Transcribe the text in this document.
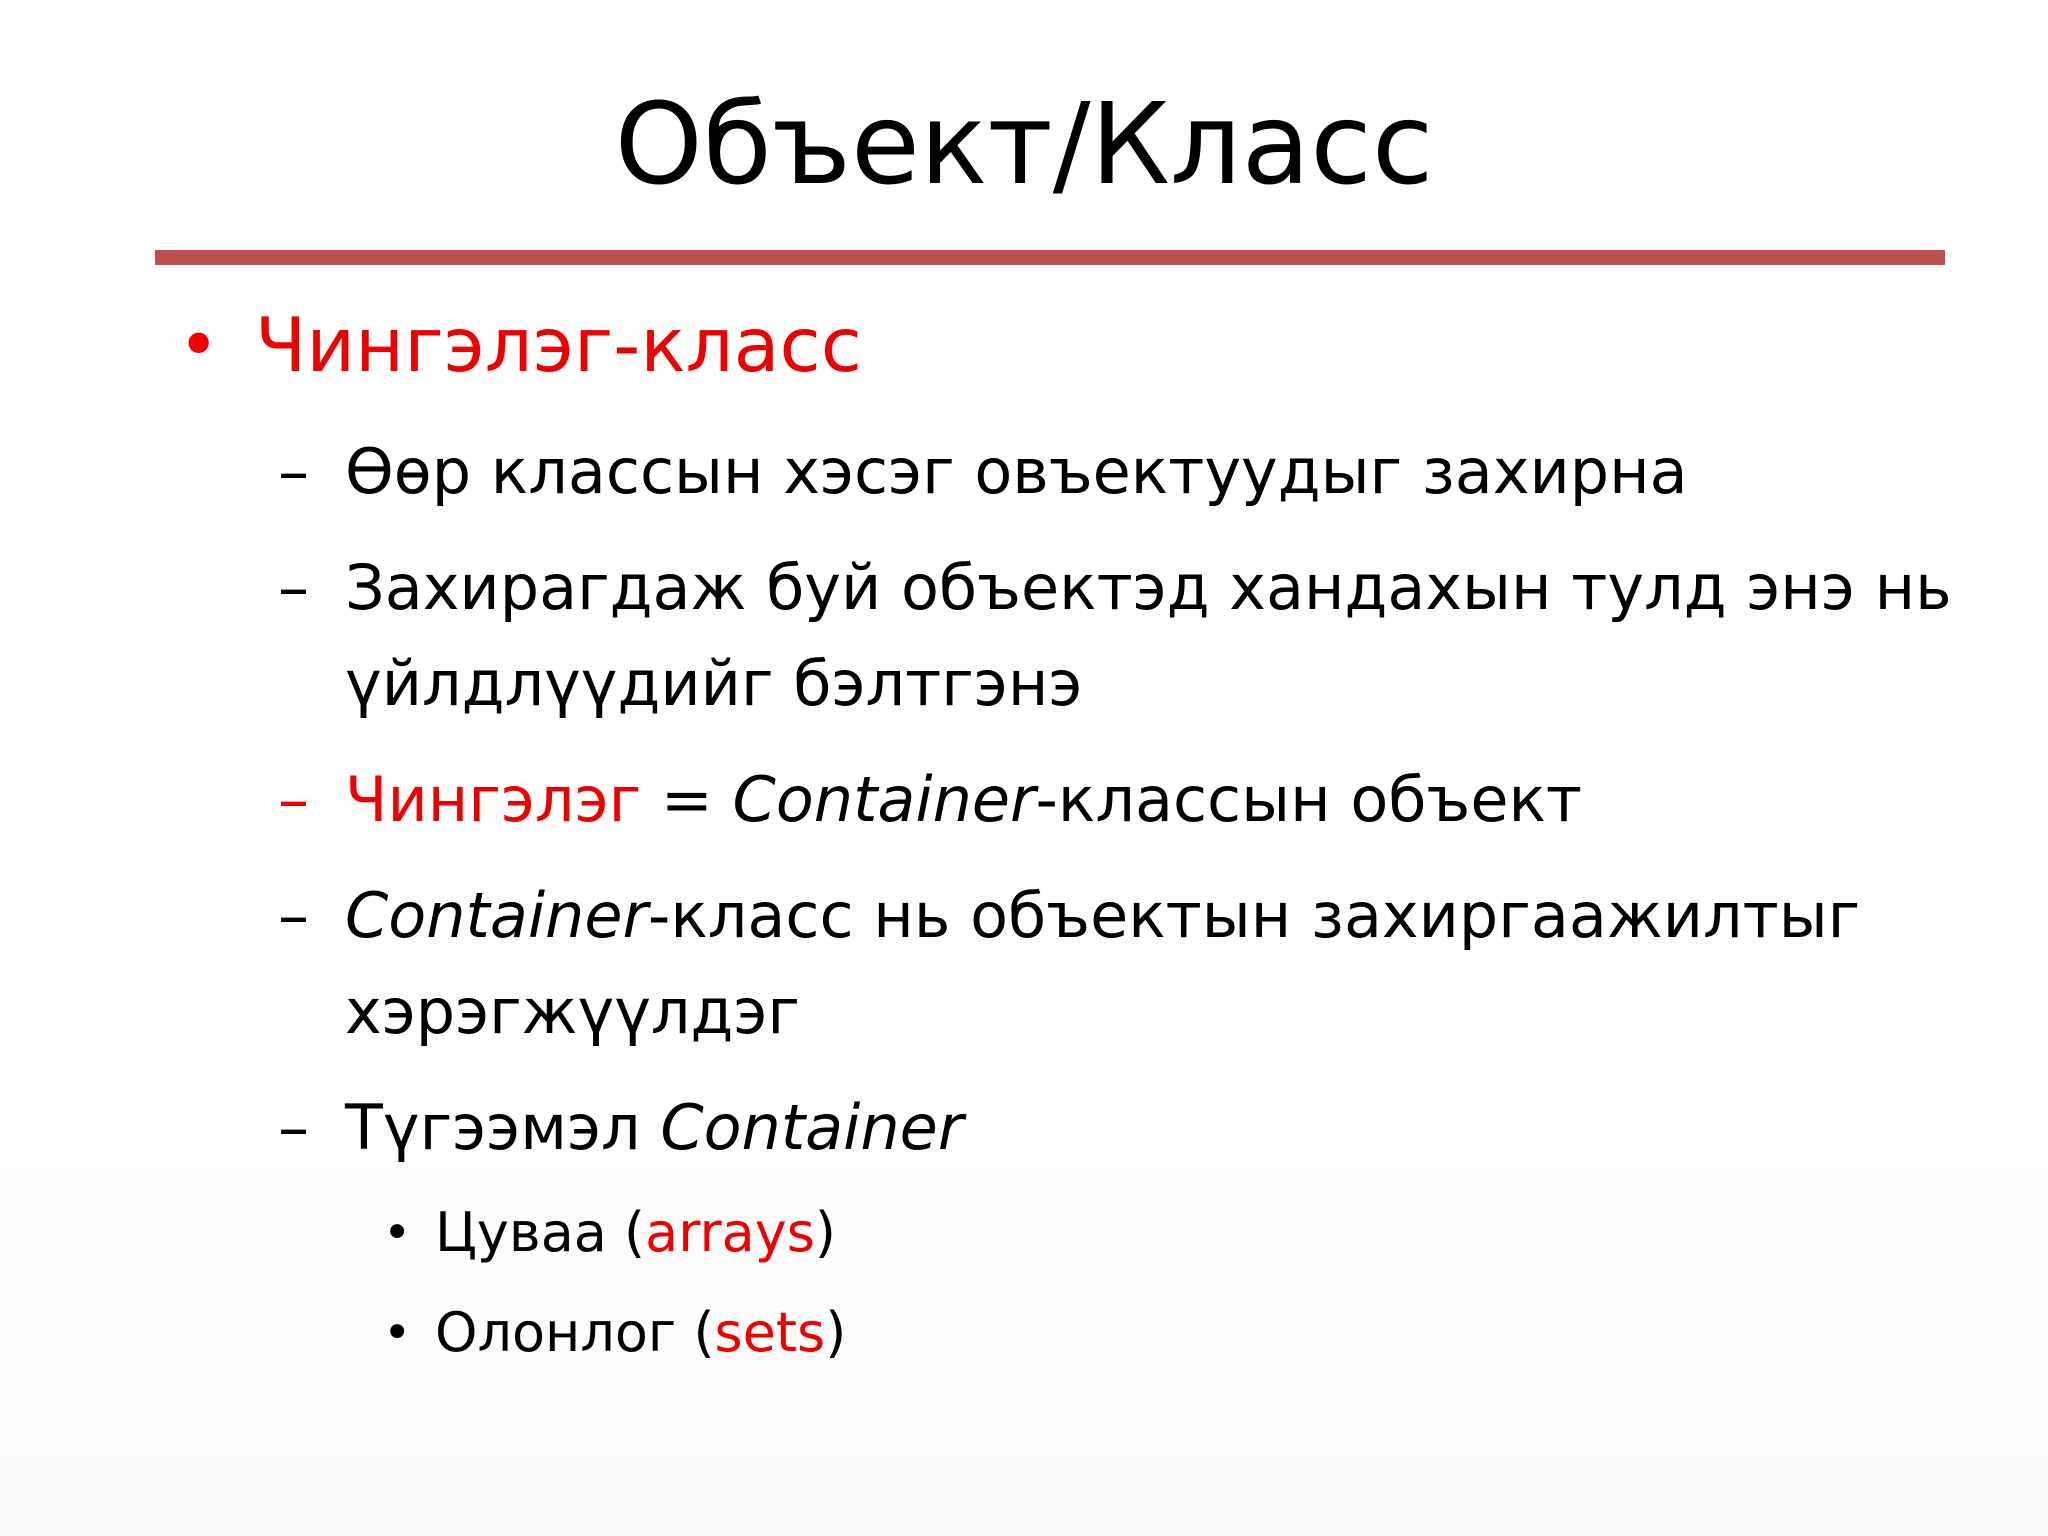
Объект/Класс
• Чингэлэг-класс
– Өөр классын хэсэг овъектуудыг захирна
– Захирагдаж буй объектэд хандахын тулд энэ нь
үйлдлүүдийг бэлтгэнэ
– Чингэлэг = Container-классын объект
– Container-класс нь объектын захиргаажилтыг
хэрэгжүүлдэг
– Түгээмэл Container
• Цуваа (arrays)
• Олонлог (sets)
